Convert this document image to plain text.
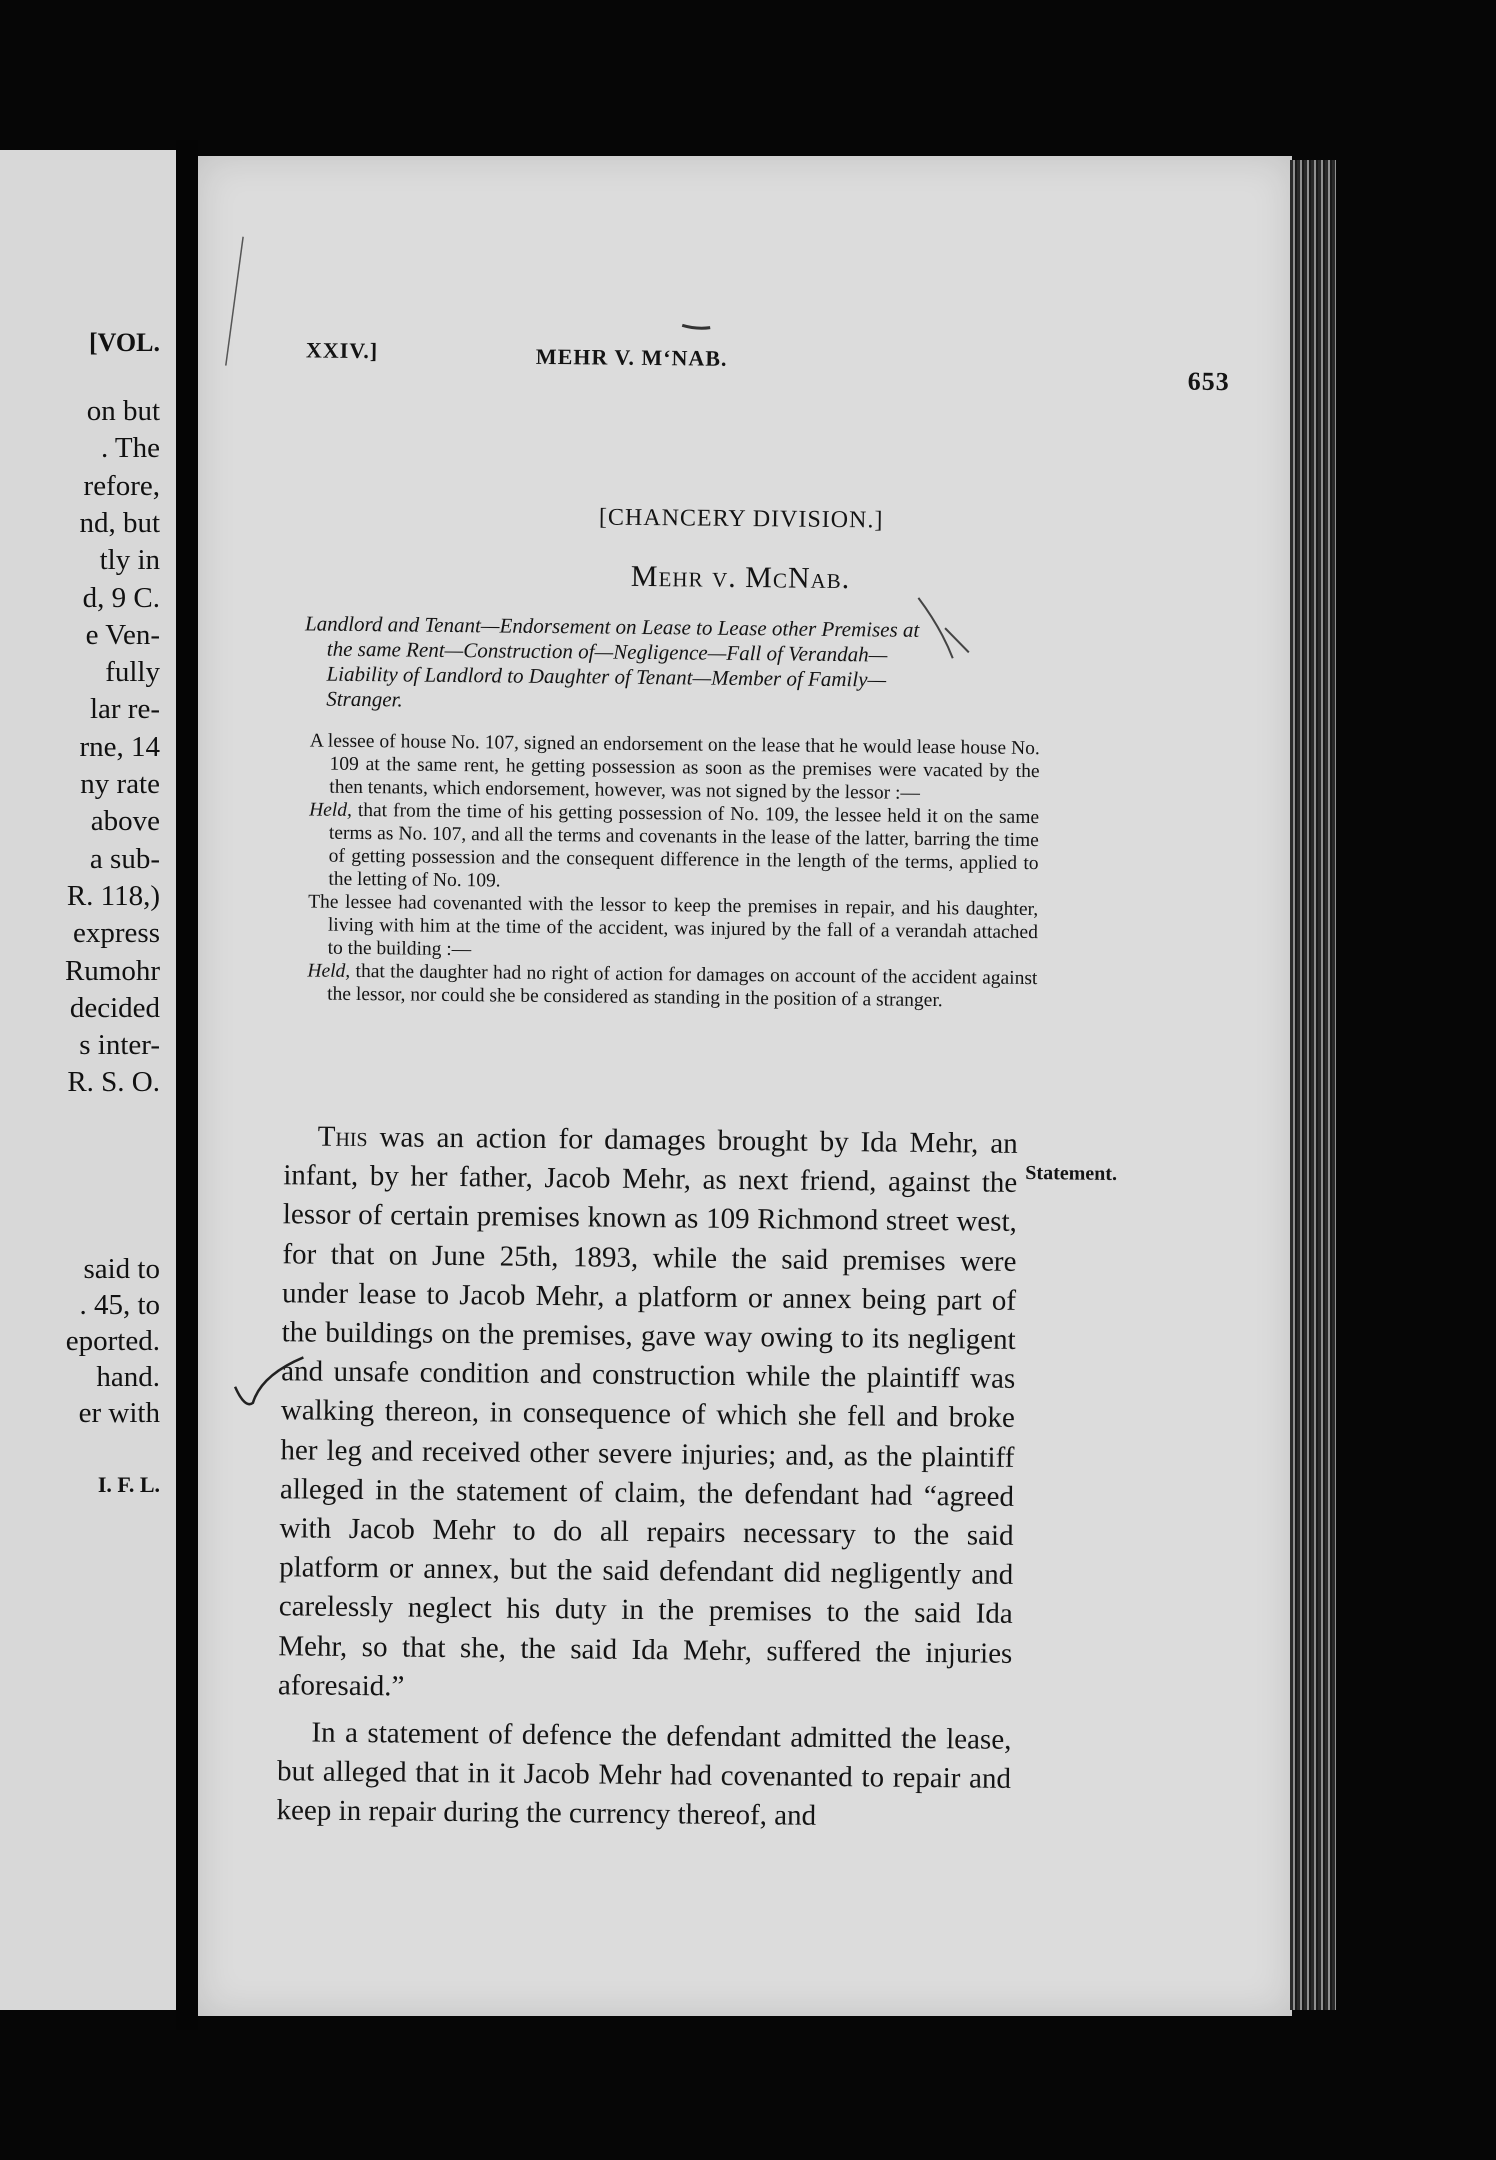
[VOL.
on but
. The
refore,
nd, but
tly in
d, 9 C.
e Ven-
fully
lar re-
rne, 14
ny rate
above
a sub-
R. 118,)
express
Rumohr
decided
s inter-
R. S. O.
said to
. 45, to
eported.
hand.
er with
I. F. L.
XXIV.]	MEHR V. M‘NAB.
653
[CHANCERY DIVISION.]
Mehr v. McNab.
Landlord and Tenant—Endorsement on Lease to Lease other Premises at
the same Rent—Construction of—Negligence—Fall of Verandah—
Liability of Landlord to Daughter of Tenant—Member of Family—
Stranger.

A lessee of house No. 107, signed an endorsement on the lease that he would lease house No. 109 at the same rent, he getting possession as soon as the premises were vacated by the then tenants, which endorsement, however, was not signed by the lessor :—

Held, that from the time of his getting possession of No. 109, the lessee held it on the same terms as No. 107, and all the terms and covenants in the lease of the latter, barring the time of getting possession and the consequent difference in the length of the terms, applied to the letting of No. 109.

The lessee had covenanted with the lessor to keep the premises in repair, and his daughter, living with him at the time of the accident, was injured by the fall of a verandah attached to the building :—

Held, that the daughter had no right of action for damages on account of the accident against the lessor, nor could she be considered as standing in the position of a stranger.

Statement.

This was an action for damages brought by Ida Mehr, an infant, by her father, Jacob Mehr, as next friend, against the lessor of certain premises known as 109 Richmond street west, for that on June 25th, 1893, while the said premises were under lease to Jacob Mehr, a platform or annex being part of the buildings on the premises, gave way owing to its negligent and unsafe condition and construction while the plaintiff was walking thereon, in consequence of which she fell and broke her leg and received other severe injuries; and, as the plaintiff alleged in the statement of claim, the defendant had “agreed with Jacob Mehr to do all repairs necessary to the said platform or annex, but the said defendant did negligently and carelessly neglect his duty in the premises to the said Ida Mehr, so that she, the said Ida Mehr, suffered the injuries aforesaid.”

In a statement of defence the defendant admitted the lease, but alleged that in it Jacob Mehr had covenanted to repair and keep in repair during the currency thereof, and
